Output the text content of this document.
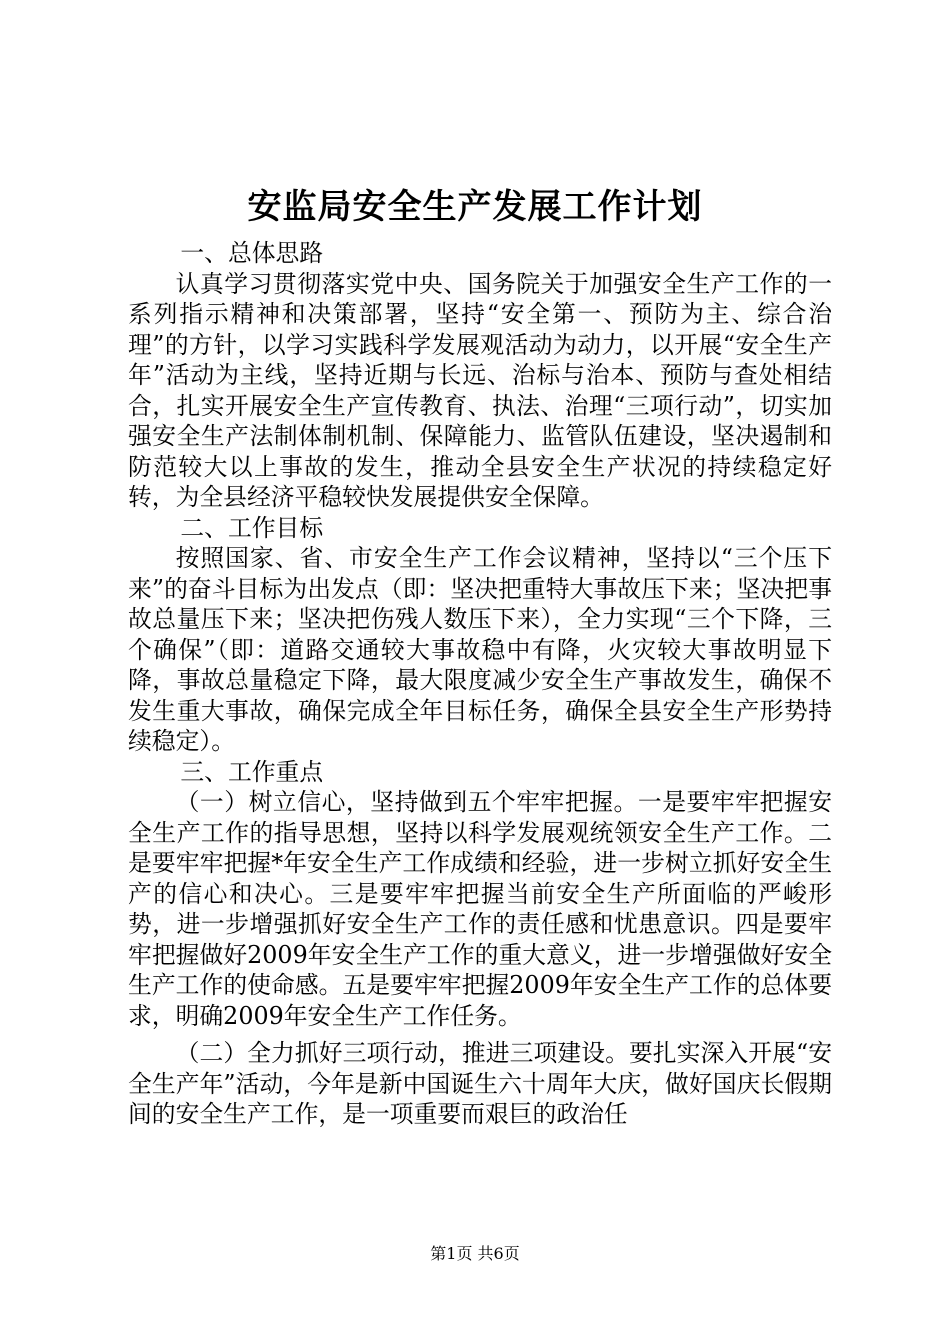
安监局安全生产发展工作计划

一、总体思路

认真学习贯彻落实党中央、国务院关于加强安全生产工作的一系列指示精神和决策部署，坚持“安全第一、预防为主、综合治理”的方针，以学习实践科学发展观活动为动力，以开展“安全生产年”活动为主线，坚持近期与长远、治标与治本、预防与查处相结合，扎实开展安全生产宣传教育、执法、治理“三项行动”，切实加强安全生产法制体制机制、保障能力、监管队伍建设，坚决遏制和防范较大以上事故的发生，推动全县安全生产状况的持续稳定好转，为全县经济平稳较快发展提供安全保障。

二、工作目标

按照国家、省、市安全生产工作会议精神，坚持以“三个压下来”的奋斗目标为出发点（即：坚决把重特大事故压下来；坚决把事故总量压下来；坚决把伤残人数压下来），全力实现“三个下降，三个确保”（即：道路交通较大事故稳中有降，火灾较大事故明显下降，事故总量稳定下降，最大限度减少安全生产事故发生，确保不发生重大事故，确保完成全年目标任务，确保全县安全生产形势持续稳定）。

三、工作重点

（一）树立信心，坚持做到五个牢牢把握。一是要牢牢把握安全生产工作的指导思想，坚持以科学发展观统领安全生产工作。二是要牢牢把握*年安全生产工作成绩和经验，进一步树立抓好安全生产的信心和决心。三是要牢牢把握当前安全生产所面临的严峻形势，进一步增强抓好安全生产工作的责任感和忧患意识。四是要牢牢把握做好2009年安全生产工作的重大意义，进一步增强做好安全生产工作的使命感。五是要牢牢把握2009年安全生产工作的总体要求，明确2009年安全生产工作任务。

（二）全力抓好三项行动，推进三项建设。要扎实深入开展“安全生产年”活动，今年是新中国诞生六十周年大庆，做好国庆长假期间的安全生产工作，是一项重要而艰巨的政治任

第1页 共6页
